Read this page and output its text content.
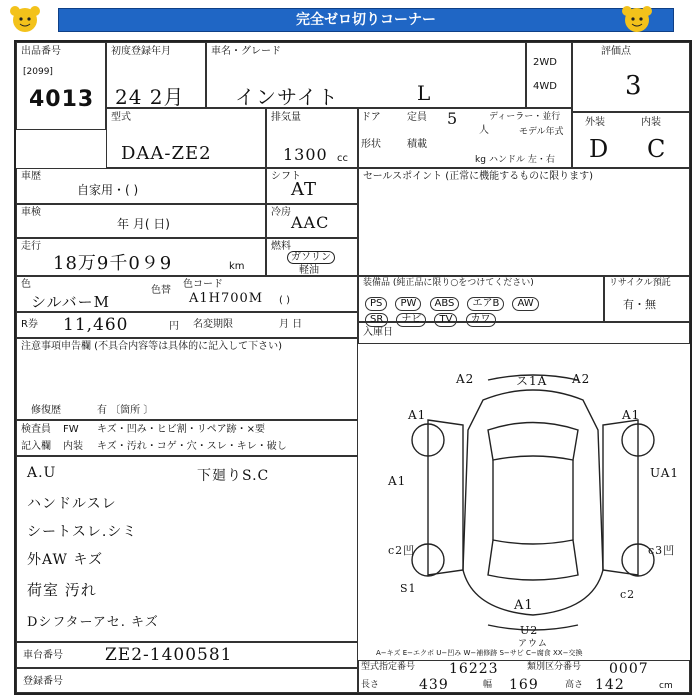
完全ゼロ切りコーナー
出品番号
[2099]
4013
初度登録年月
24 2月
車名・グレード
インサイト	L
2WD
4WD
評価点
3
型式
DAA-ZE2
排気量
1300 cc
ドア	定員 5
人
ディーラー・並行
モデル年式
形状	積載
kg ハンドル 左・右
外装	内装
D C
車歴
自家用・( )
シフト
AT
車検
年 月( 日)
冷房
AAC
走行
18万9千0９9	km
燃料
ガソリン
軽油
色
シルバーM
色替
色コード
A1H700M ( )
R券 11,460	円 名変期限	月 日
セールスポイント (正常に機能するものに限ります)
装備品 (純正品に限り○をつけてください)
PS PW ABS エアB AW
SR ナビ TV カワ
リサイクル預託
有・無
入庫日
注意事項申告欄 (不具合内容等は具体的に記入して下さい)
修復歴	有 〔箇所 〕
検査員
記入欄
FW
内装
キズ・凹み・ヒビ割・リペア跡・×要
キズ・汚れ・コゲ・穴・スレ・キレ・破し
A.U
ハンドルスレ
シートスレ.シミ
外AW キズ
荷室 汚れ
Dシフターアセ. キズ
下廻りS.C
A2	ス1A A2
A1	A1
A1
UA1
c2凹	c3凹
S1	c2
A1
U2
アウム
A−キズ E−エクボ U−凹み W−補修跡 S−サビ C−腐食 XX−交換
車台番号 ZE2-1400581
登録番号
型式指定番号 16223	類別区分番号 0007
長さ	439	幅 169	高さ 142	cm
